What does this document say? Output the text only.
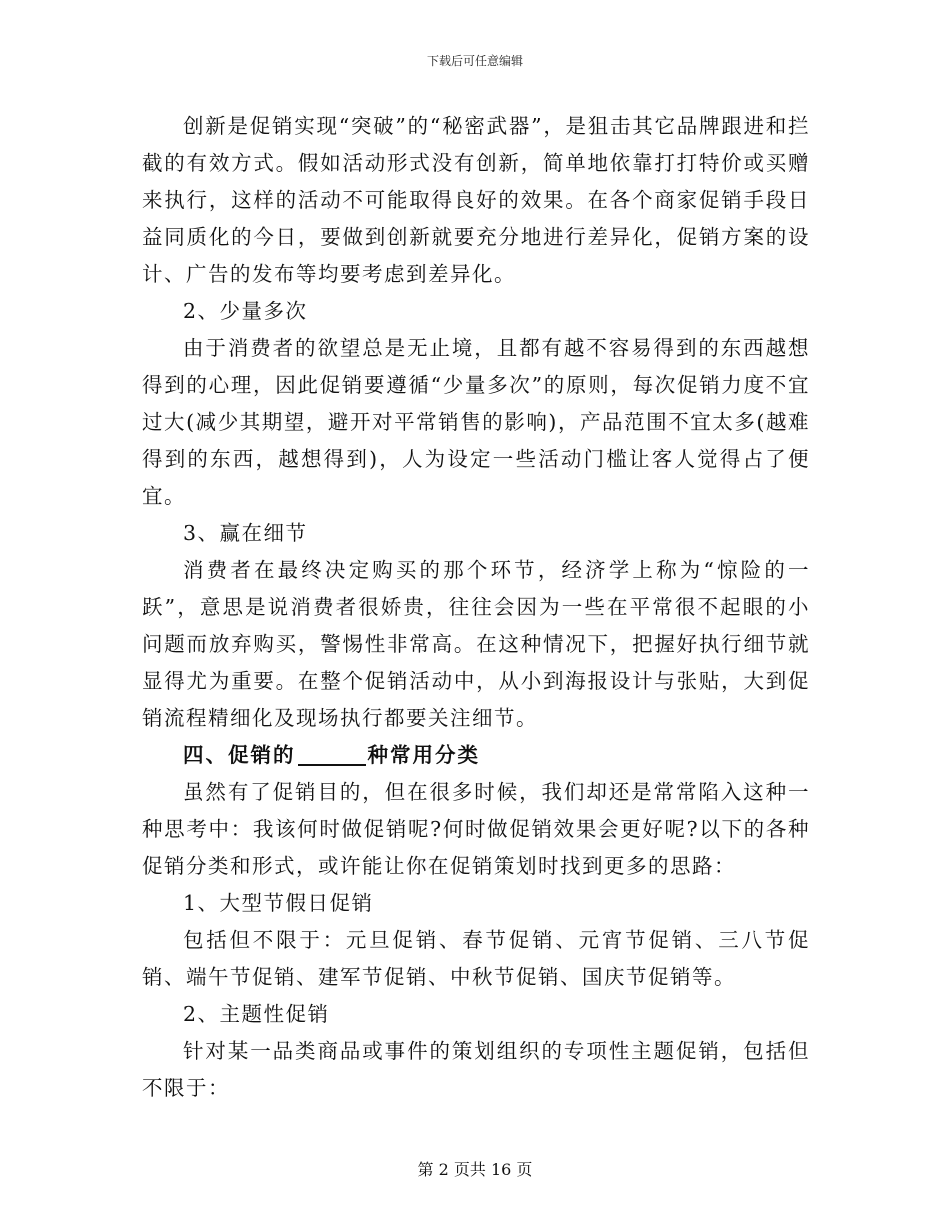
下载后可任意编辑

创新是促销实现“突破”的“秘密武器”，是狙击其它品牌跟进和拦截的有效方式。假如活动形式没有创新，简单地依靠打打特价或买赠来执行，这样的活动不可能取得良好的效果。在各个商家促销手段日益同质化的今日，要做到创新就要充分地进行差异化，促销方案的设计、广告的发布等均要考虑到差异化。

2、少量多次

由于消费者的欲望总是无止境，且都有越不容易得到的东西越想得到的心理，因此促销要遵循“少量多次”的原则，每次促销力度不宜过大(减少其期望，避开对平常销售的影响)，产品范围不宜太多(越难得到的东西，越想得到)，人为设定一些活动门槛让客人觉得占了便宜。

3、赢在细节

消费者在最终决定购买的那个环节，经济学上称为“惊险的一跃”，意思是说消费者很娇贵，往往会因为一些在平常很不起眼的小问题而放弃购买，警惕性非常高。在这种情况下，把握好执行细节就显得尤为重要。在整个促销活动中，从小到海报设计与张贴，大到促销流程精细化及现场执行都要关注细节。

四、促销的	种常用分类

虽然有了促销目的，但在很多时候，我们却还是常常陷入这种一种思考中：我该何时做促销呢?何时做促销效果会更好呢?以下的各种促销分类和形式，或许能让你在促销策划时找到更多的思路：

1、大型节假日促销

包括但不限于：元旦促销、春节促销、元宵节促销、三八节促销、端午节促销、建军节促销、中秋节促销、国庆节促销等。

2、主题性促销

针对某一品类商品或事件的策划组织的专项性主题促销，包括但不限于：

第 2 页共 16 页
